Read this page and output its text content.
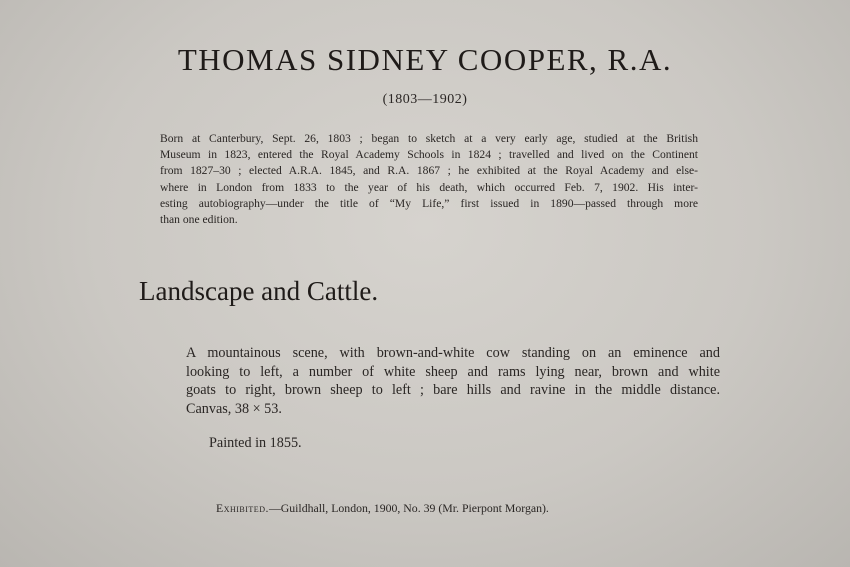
THOMAS SIDNEY COOPER, R.A.
(1803—1902)
Born at Canterbury, Sept. 26, 1803 ; began to sketch at a very early age, studied at the British
Museum in 1823, entered the Royal Academy Schools in 1824 ; travelled and lived on the Continent
from 1827–30 ; elected A.R.A. 1845, and R.A. 1867 ; he exhibited at the Royal Academy and else-
where in London from 1833 to the year of his death, which occurred Feb. 7, 1902. His inter-
esting autobiography—under the title of “My Life,” first issued in 1890—passed through more
than one edition.
Landscape and Cattle.
A mountainous scene, with brown-and-white cow standing on an eminence and
looking to left, a number of white sheep and rams lying near, brown and white
goats to right, brown sheep to left ; bare hills and ravine in the middle distance.
Canvas, 38 × 53.
Painted in 1855.
Exhibited.—Guildhall, London, 1900, No. 39 (Mr. Pierpont Morgan).
